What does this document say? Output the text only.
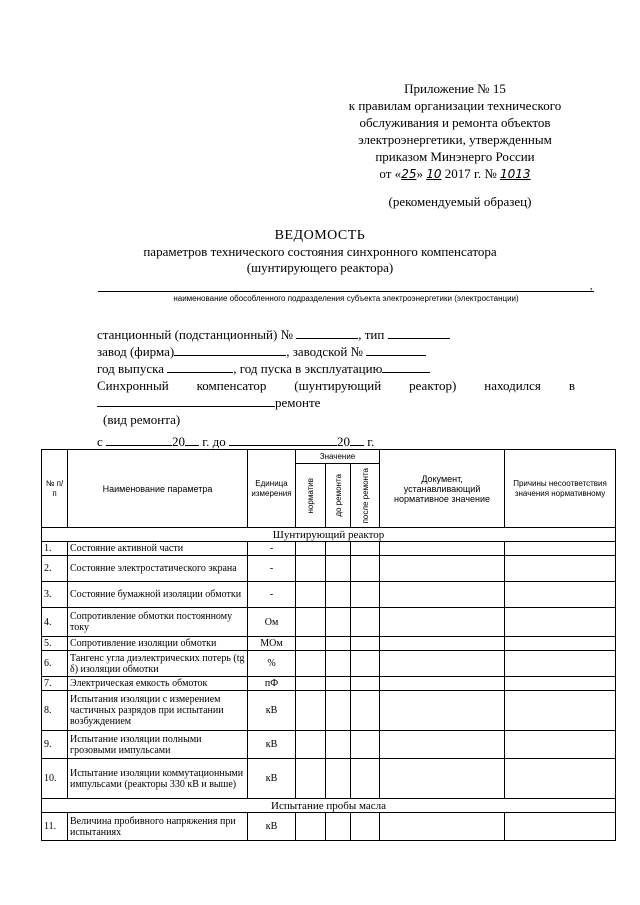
Приложение № 15
к правилам организации технического
обслуживания и ремонта объектов
электроэнергетики, утвержденным
приказом Минэнерго России
от «25» 10 2017 г. № 1013
(рекомендуемый образец)
ВЕДОМОСТЬ
параметров технического состояния синхронного компенсатора
(шунтирующего реактора)
,
наименование обособленного подразделения субъекта электроэнергетики (электростанции)
станционный (подстанционный) №	, тип
завод (фирма)	, заводской №
год выпуска	, год пуска в эксплуатацию
Синхронный компенсатор (шунтирующий реактор) находился в
ремонте
(вид ремонта)
с	20 г. до	20 г.
№ п/п	Наименование параметра	Единица измерения	Значение			Документ, устанавливающий нормативное значение	Причины несоответствия значения нормативному

			норматив	до ремонта	после ремонта		

Шунтирующий реактор							
1.	Состояние активной части	-					
2.	Состояние электростатического экрана	-					
3.	Состояние бумажной изоляции обмотки	-					
4.	Сопротивление обмотки постоянному току	Ом					
5.	Сопротивление изоляции обмотки	МОм					
6.	Тангенс угла диэлектрических потерь (tg δ) изоляции обмотки	%					
7.	Электрическая емкость обмоток	пФ					
8.	Испытания изоляции с измерением частичных разрядов при испытании возбуждением	кВ					
9.	Испытание изоляции полными грозовыми импульсами	кВ					
10.	Испытание изоляции коммутационными импульсами (реакторы 330 кВ и выше)	кВ					
Испытание пробы масла							
11.	Величина пробивного напряжения при испытаниях	кВ					
